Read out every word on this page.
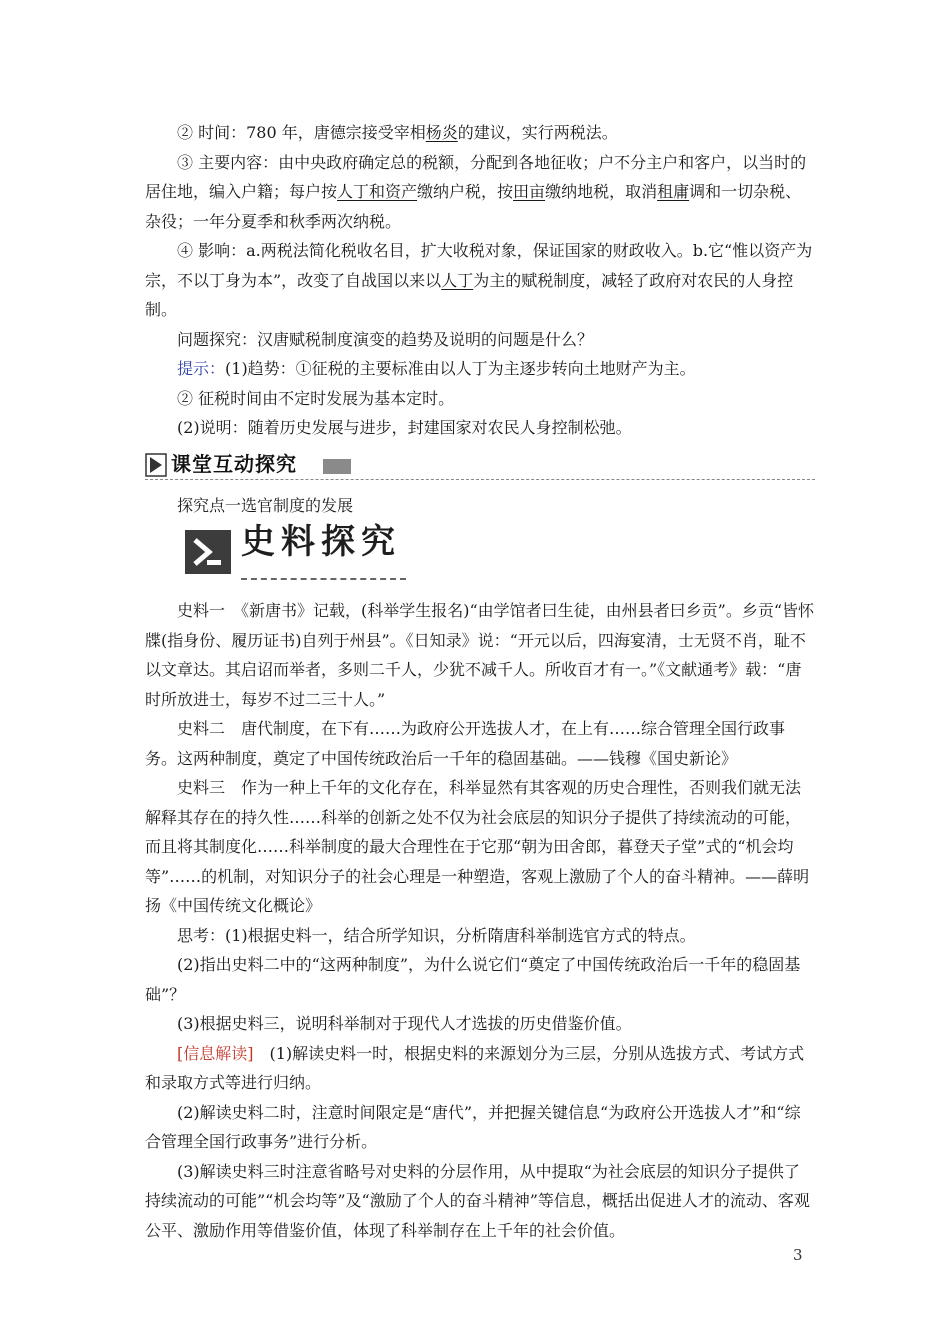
② 时间：780 年，唐德宗接受宰相杨炎的建议，实行两税法。

③ 主要内容：由中央政府确定总的税额，分配到各地征收；户不分主户和客户，以当时的居住地，编入户籍；每户按人丁和资产缴纳户税，按田亩缴纳地税，取消租庸调和一切杂税、杂役；一年分夏季和秋季两次纳税。

④ 影响：a.两税法简化税收名目，扩大收税对象，保证国家的财政收入。b.它“惟以资产为宗，不以丁身为本”，改变了自战国以来以人丁为主的赋税制度，减轻了政府对农民的人身控制。

问题探究：汉唐赋税制度演变的趋势及说明的问题是什么？

提示：(1)趋势：①征税的主要标准由以人丁为主逐步转向土地财产为主。

② 征税时间由不定时发展为基本定时。

(2)说明：随着历史发展与进步，封建国家对农民人身控制松弛。

课堂互动探究

探究点一选官制度的发展

史料探究

史料一　《新唐书》记载，(科举学生报名)“由学馆者曰生徒，由州县者曰乡贡”。乡贡“皆怀牒(指身份、履历证书)自列于州县”。《日知录》说：“开元以后，四海宴清，士无贤不肖，耻不以文章达。其启诏而举者，多则二千人，少犹不减千人。所收百才有一。”《文献通考》载：“唐时所放进士，每岁不过二三十人。”

史料二　唐代制度，在下有……为政府公开选拔人才，在上有……综合管理全国行政事务。这两种制度，奠定了中国传统政治后一千年的稳固基础。——钱穆《国史新论》

史料三　作为一种上千年的文化存在，科举显然有其客观的历史合理性，否则我们就无法解释其存在的持久性……科举的创新之处不仅为社会底层的知识分子提供了持续流动的可能，而且将其制度化……科举制度的最大合理性在于它那“朝为田舍郎，暮登天子堂”式的“机会均等”……的机制，对知识分子的社会心理是一种塑造，客观上激励了个人的奋斗精神。——薛明扬《中国传统文化概论》

思考：(1)根据史料一，结合所学知识，分析隋唐科举制选官方式的特点。

(2)指出史料二中的“这两种制度”，为什么说它们“奠定了中国传统政治后一千年的稳固基础”？

(3)根据史料三，说明科举制对于现代人才选拔的历史借鉴价值。

[信息解读]　(1)解读史料一时，根据史料的来源划分为三层，分别从选拔方式、考试方式和录取方式等进行归纳。

(2)解读史料二时，注意时间限定是“唐代”，并把握关键信息“为政府公开选拔人才”和“综合管理全国行政事务”进行分析。

(3)解读史料三时注意省略号对史料的分层作用，从中提取“为社会底层的知识分子提供了持续流动的可能”“机会均等”及“激励了个人的奋斗精神”等信息，概括出促进人才的流动、客观公平、激励作用等借鉴价值，体现了科举制存在上千年的社会价值。

3
